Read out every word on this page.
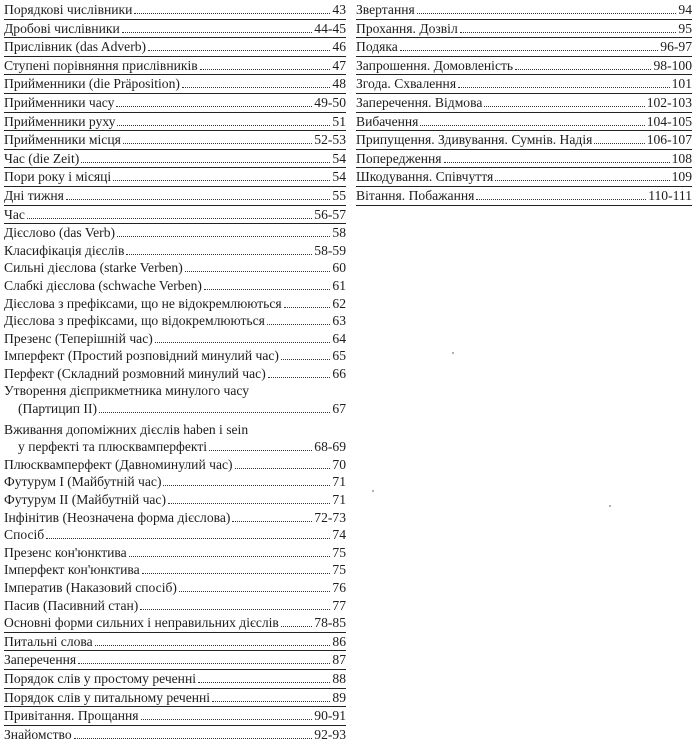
Порядкові числівники	43
Дробові числівники	44-45
Прислівник (das Adverb)	46
Ступені порівняння прислівників	47
Прийменники (die Präposition)	48
Прийменники часу	49-50
Прийменники руху	51
Прийменники місця	52-53
Час (die Zeit)	54
Пори року і місяці	54
Дні тижня	55
Час	56-57
Дієслово (das Verb)	58
Класифікація дієслів	58-59
Сильні дієслова (starke Verben)	60
Слабкі дієслова (schwache Verben)	61
Дієслова з префіксами, що не відокремлюються	62
Дієслова з префіксами, що відокремлюються	63
Презенс (Теперішній час)	64
Імперфект (Простий розповідний минулий час)	65
Перфект (Складний розмовний минулий час)	66
Утворення дієприкметника минулого часу
(Партицип II)	67
Вживання допоміжних дієслів haben і sein
у перфекті та плюсквамперфекті	68-69
Плюсквамперфект (Давноминулий час)	70
Футурум I (Майбутній час)	71
Футурум II (Майбутній час)	71
Інфінітив (Неозначена форма дієслова)	72-73
Спосіб	74
Презенс кон'юнктива	75
Імперфект кон'юнктива	75
Імператив (Наказовий спосіб)	76
Пасив (Пасивний стан)	77
Основні форми сильних і неправильних дієслів	78-85
Питальні слова	86
Заперечення	87
Порядок слів у простому реченні	88
Порядок слів у питальному реченні	89
Привітання. Прощання	90-91
Знайомство	92-93
Звертання	94
Прохання. Дозвіл	95
Подяка	96-97
Запрошення. Домовленість	98-100
Згода. Схвалення	101
Заперечення. Відмова	102-103
Вибачення	104-105
Припущення. Здивування. Сумнів. Надія	106-107
Попередження	108
Шкодування. Співчуття	109
Вітання. Побажання	110-111
